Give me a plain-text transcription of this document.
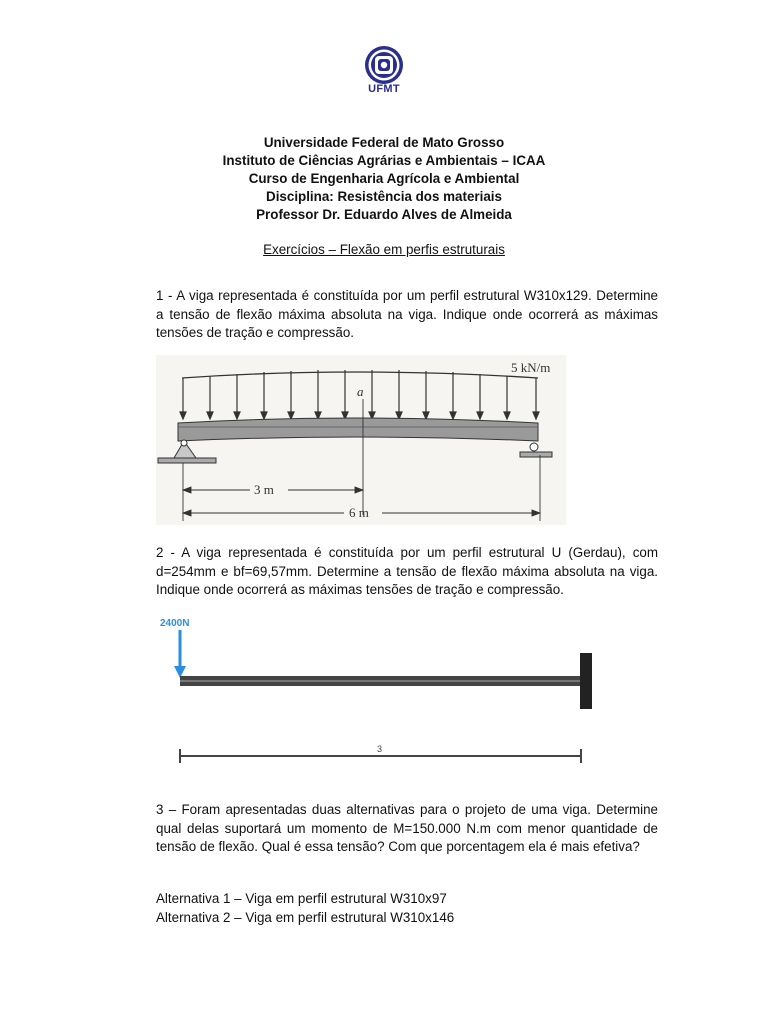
UFMT
Universidade Federal de Mato Grosso
Instituto de Ciências Agrárias e Ambientais – ICAA
Curso de Engenharia Agrícola e Ambiental
Disciplina: Resistência dos materiais
Professor Dr. Eduardo Alves de Almeida
Exercícios – Flexão em perfis estruturais
1 - A viga representada é constituída por um perfil estrutural W310x129. Determine a tensão de flexão máxima absoluta na viga. Indique onde ocorrerá as máximas tensões de tração e compressão.
5 kN/m
a
3 m
6 m
2 - A viga representada é constituída por um perfil estrutural U (Gerdau), com d=254mm e bf=69,57mm. Determine a tensão de flexão máxima absoluta na viga. Indique onde ocorrerá as máximas tensões de tração e compressão.
2400N
3
3 – Foram apresentadas duas alternativas para o projeto de uma viga. Determine qual delas suportará um momento de M=150.000 N.m com menor quantidade de tensão de flexão. Qual é essa tensão? Com que porcentagem ela é mais efetiva?
Alternativa 1 – Viga em perfil estrutural W310x97
Alternativa 2 – Viga em perfil estrutural W310x146
